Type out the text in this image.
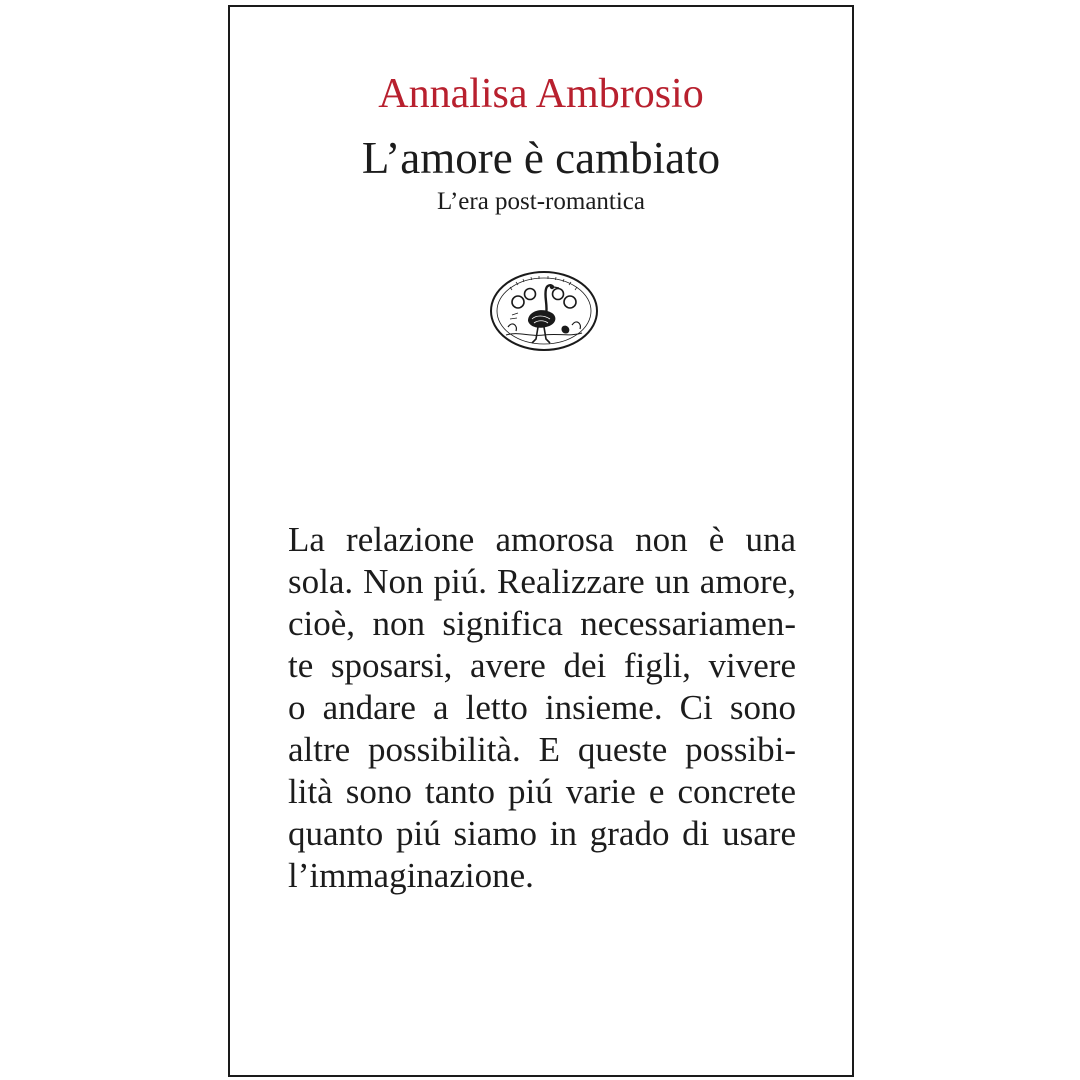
Annalisa Ambrosio
L’amore è cambiato
L’era post-romantica
La relazione amorosa non è una
sola. Non piú. Realizzare un amore,
cioè, non significa necessariamen-
te sposarsi, avere dei figli, vivere
o andare a letto insieme. Ci sono
altre possibilità. E queste possibi-
lità sono tanto piú varie e concrete
quanto piú siamo in grado di usare
l’immaginazione.
